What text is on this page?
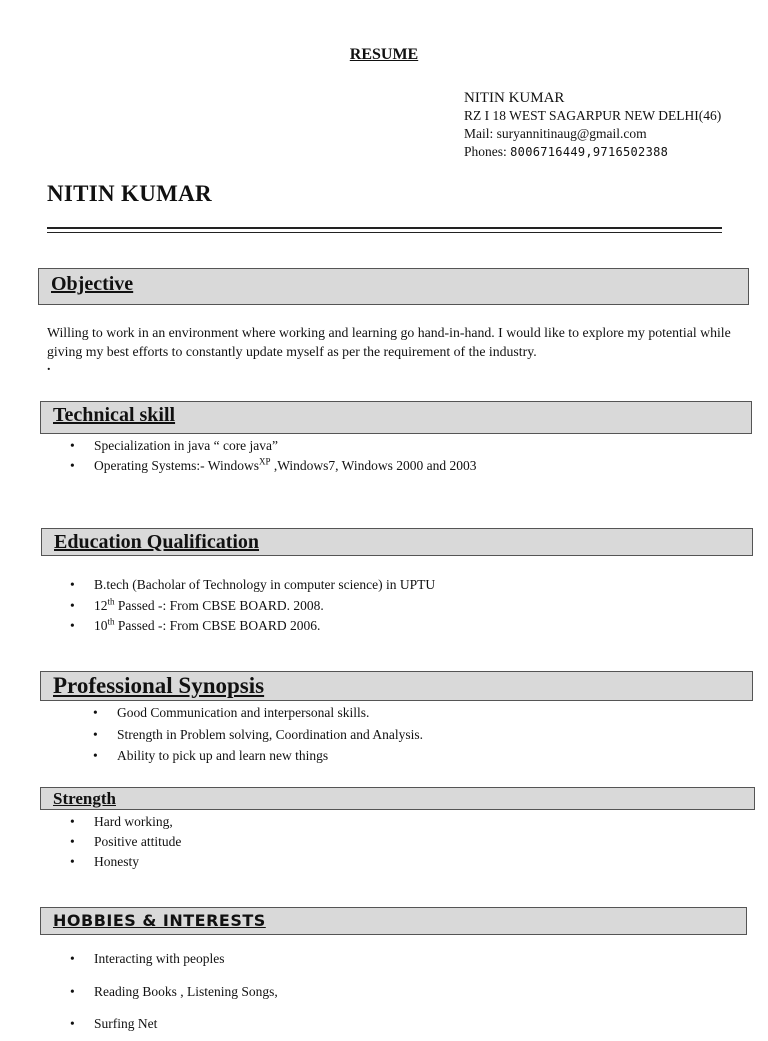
RESUME
NITIN KUMAR
RZ I 18 WEST SAGARPUR NEW DELHI(46)
Mail: suryannitinaug@gmail.com
Phones: 8006716449,9716502388
NITIN KUMAR
Objective
Willing to work in an environment where working and learning go hand-in-hand. I would like to explore my potential while giving my best efforts to constantly update myself as per the requirement of the industry.
.
Technical skill
• Specialization in java “ core java”
• Operating Systems:- Windows$^{XP}$ ,Windows7, Windows 2000 and 2003
Education Qualification
• B.tech (Bacholar of Technology in computer science) in UPTU
• 12th Passed -: From CBSE BOARD. 2008.
• 10th Passed -: From CBSE BOARD 2006.
Professional Synopsis
• Good Communication and interpersonal skills.
• Strength in Problem solving, Coordination and Analysis.
• Ability to pick up and learn new things
Strength
• Hard working,
• Positive attitude
• Honesty
HOBBIES & INTERESTS
• Interacting with peoples
• Reading Books , Listening Songs,
• Surfing Net
